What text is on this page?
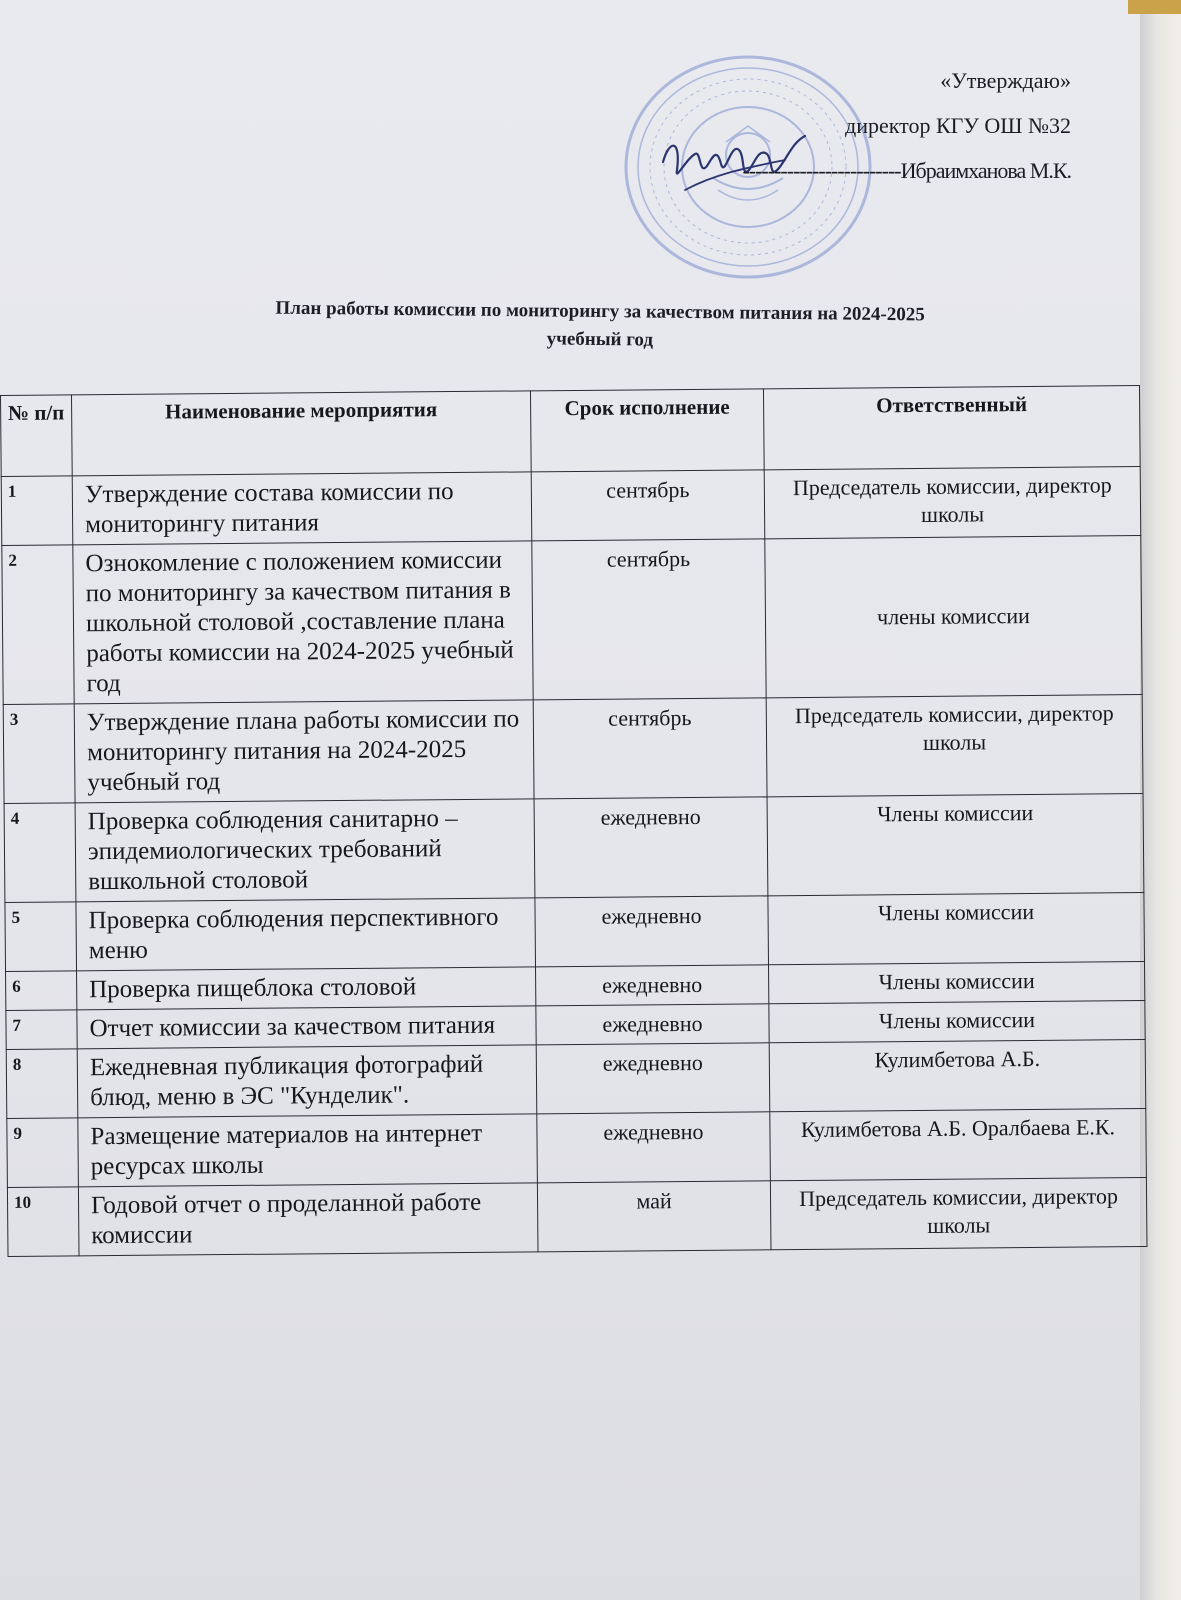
«Утверждаю»
директор КГУ ОШ №32
-------------------------Ибраимханова М.К.
План работы комиссии по мониторингу за качеством питания на 2024-2025
учебный год
№ п/п	Наименование мероприятия	Срок исполнение	Ответственный
1	Утверждение состава комиссии по мониторингу питания	сентябрь	Председатель комиссии, директор школы
2	Ознокомление с положением комиссии по мониторингу за качеством питания в школьной столовой ,составление плана работы комиссии на 2024-2025 учебный год	сентябрь	члены комиссии
3	Утверждение плана работы комиссии по мониторингу питания на 2024-2025 учебный год	сентябрь	Председатель комиссии, директор школы
4	Проверка соблюдения санитарно –эпидемиологических требований вшкольной столовой	ежедневно	Члены комиссии
5	Проверка соблюдения перспективного меню	ежедневно	Члены комиссии
6	Проверка пищеблока столовой	ежедневно	Члены комиссии
7	Отчет комиссии за качеством питания	ежедневно	Члены комиссии
8	Ежедневная публикация фотографий блюд, меню в ЭС "Кунделик".	ежедневно	Кулимбетова А.Б.
9	Размещение материалов на интернет ресурсах школы	ежедневно	Кулимбетова А.Б. Оралбаева Е.К.
10	Годовой отчет о проделанной работе комиссии	май	Председатель комиссии, директор школы
